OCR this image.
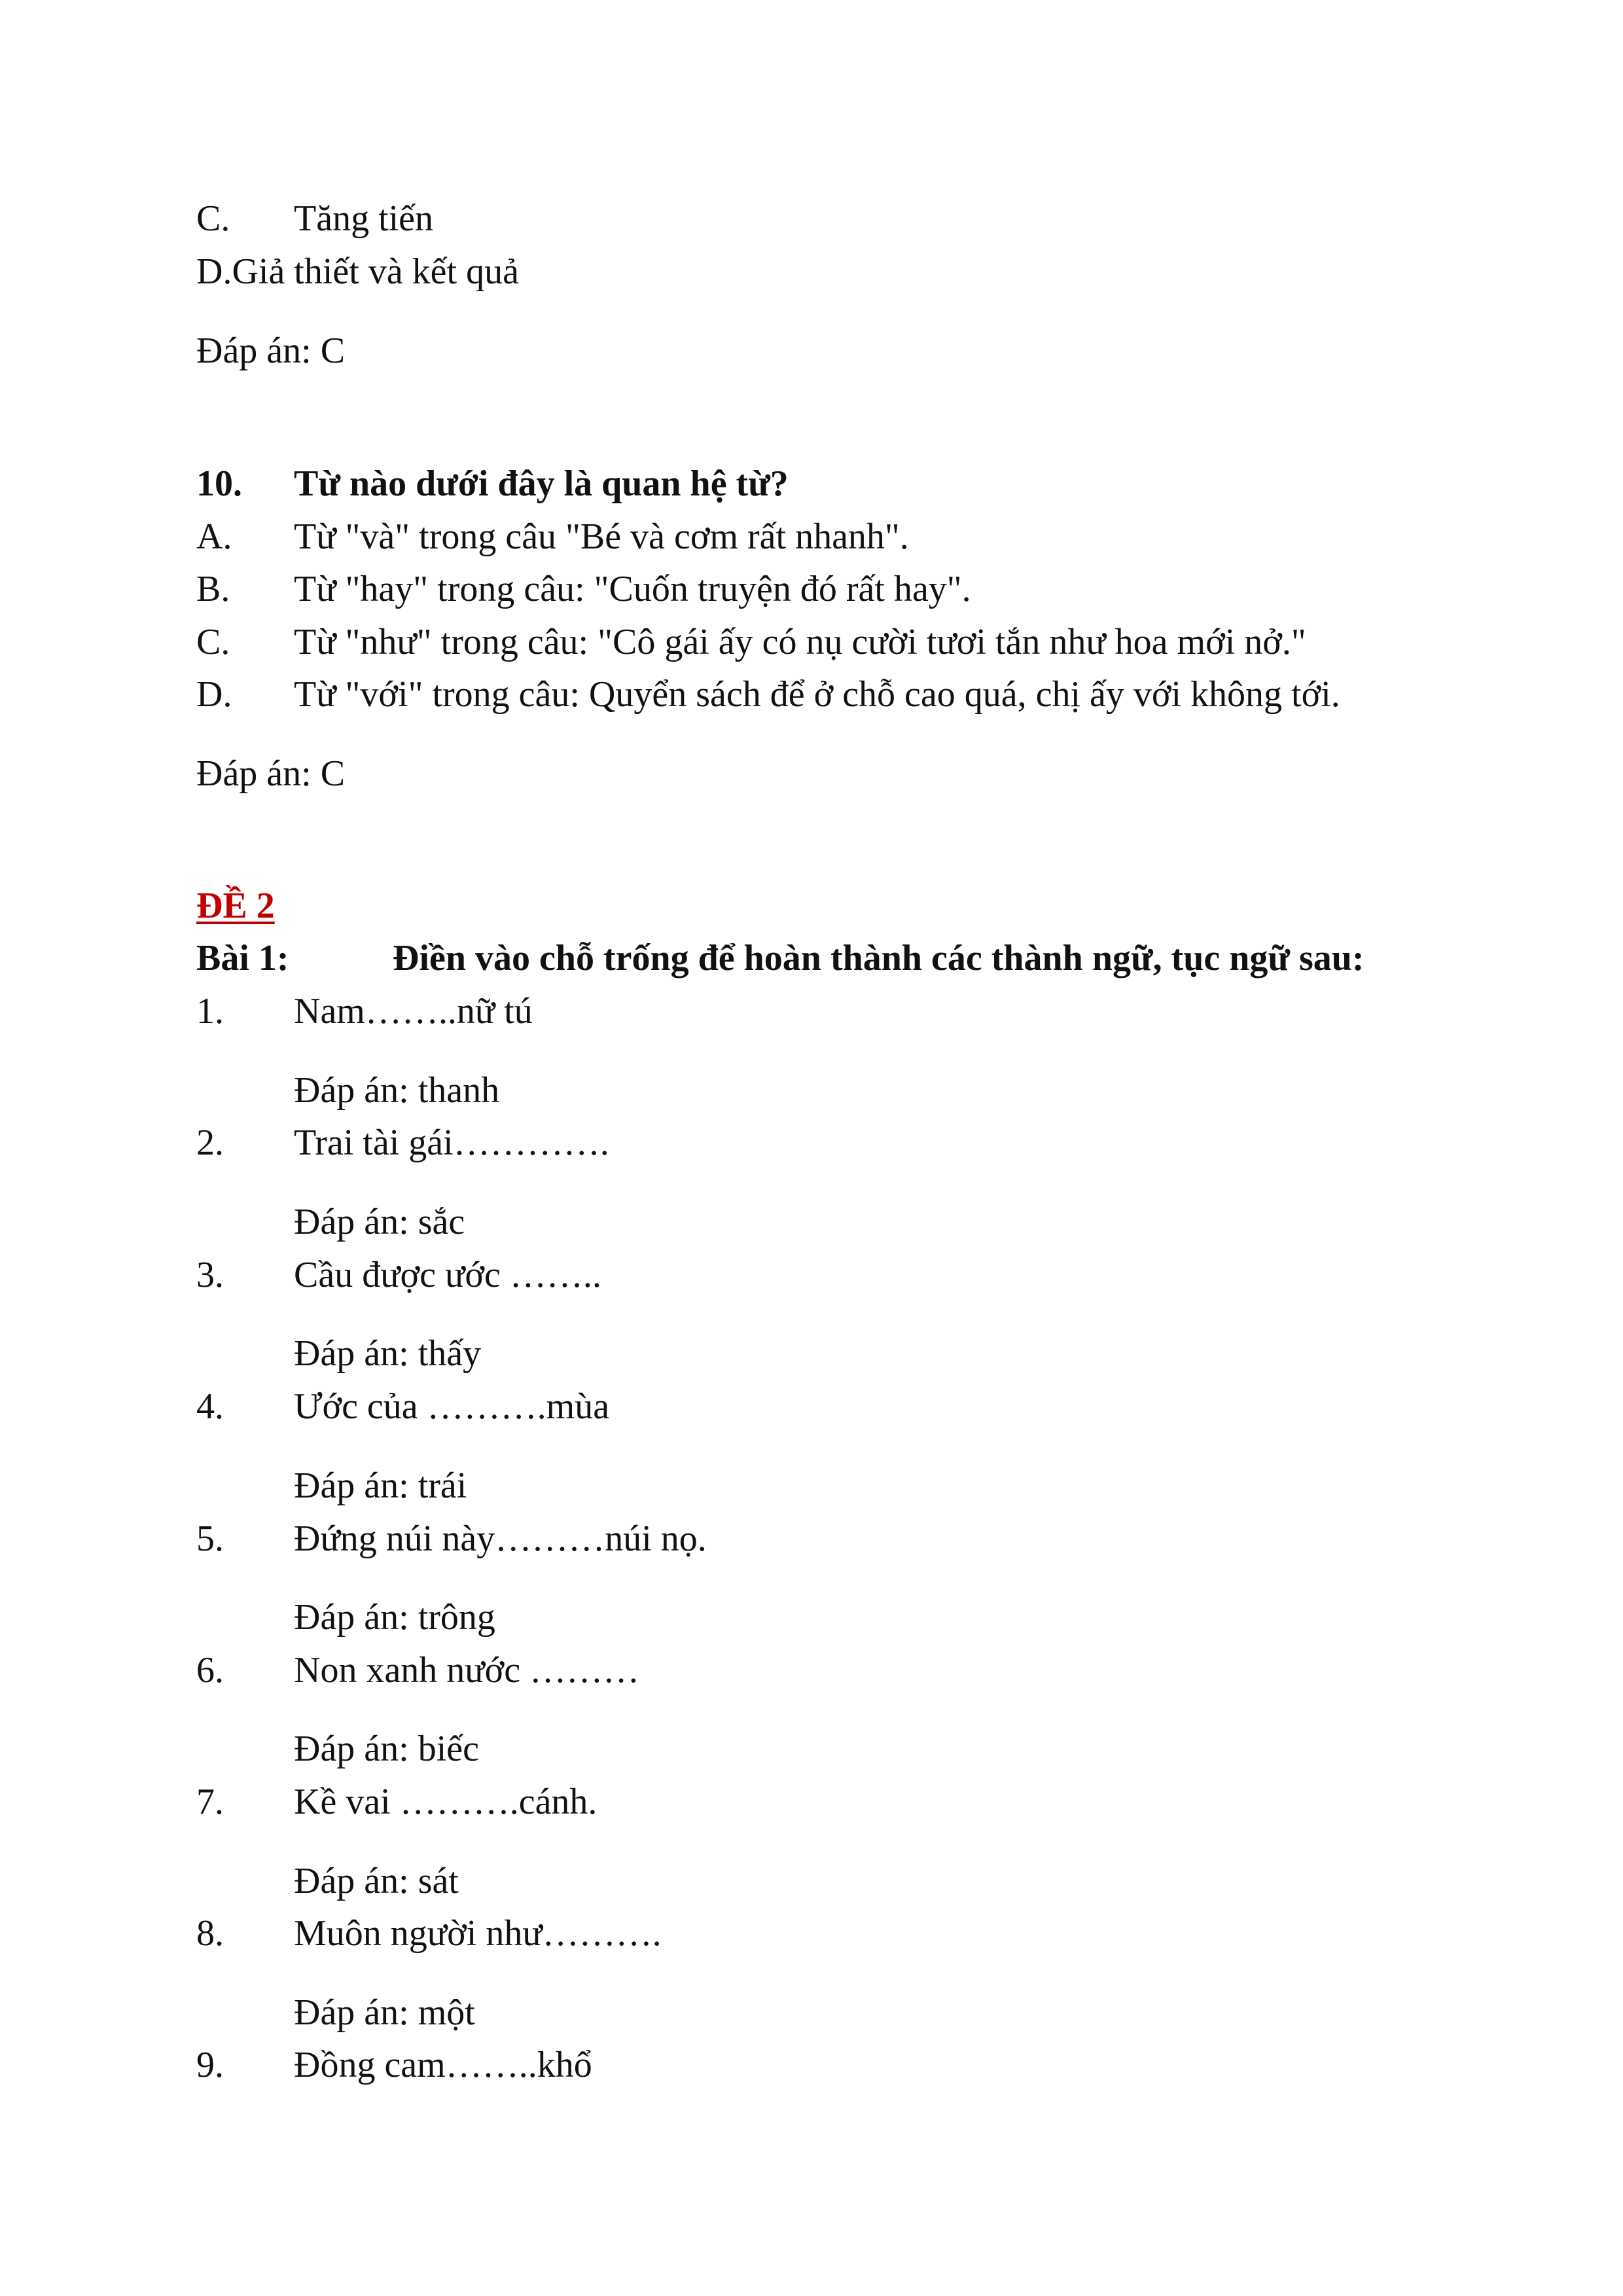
C. Tăng tiến
D.Giả thiết và kết quả
Đáp án: C
10. Từ nào dưới đây là quan hệ từ?
A. Từ "và" trong câu "Bé và cơm rất nhanh".
B. Từ "hay" trong câu: "Cuốn truyện đó rất hay".
C. Từ "như" trong câu: "Cô gái ấy có nụ cười tươi tắn như hoa mới nở."
D. Từ "với" trong câu: Quyển sách để ở chỗ cao quá, chị ấy với không tới.
Đáp án: C
ĐỀ 2
Bài 1:	Điền vào chỗ trống để hoàn thành các thành ngữ, tục ngữ sau:
1. Nam……..nữ tú
Đáp án: thanh
2. Trai tài gái………….
Đáp án: sắc
3. Cầu được ước ……..
Đáp án: thấy
4. Ước của ……….mùa
Đáp án: trái
5. Đứng núi này………núi nọ.
Đáp án: trông
6. Non xanh nước ………
Đáp án: biếc
7. Kề vai ……….cánh.
Đáp án: sát
8. Muôn người như……….
Đáp án: một
9. Đồng cam……..khổ
